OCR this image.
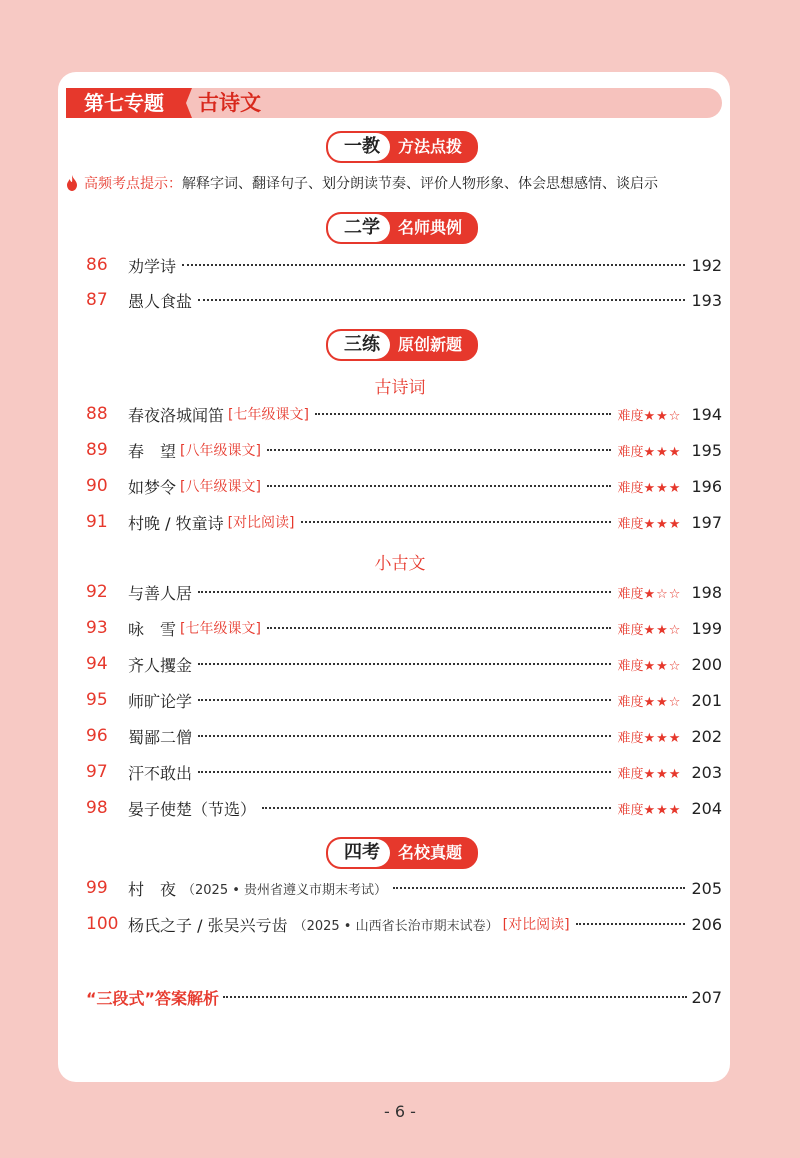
第七专题	古诗文
一教	方法点拨
高频考点提示：解释字词、翻译句子、划分朗读节奏、评价人物形象、体会思想感情、谈启示
二学	名师典例
三练	原创新题
古诗词
小古文
四考	名校真题
86	劝学诗	192
87	愚人食盐	193
88	春夜洛城闻笛 [七年级课文]	难度★★☆ 194
89	春　望 [八年级课文]	难度★★★ 195
90	如梦令 [八年级课文]	难度★★★ 196
91	村晚 / 牧童诗 [对比阅读]	难度★★★ 197
92	与善人居	难度★☆☆ 198
93	咏　雪 [七年级课文]	难度★★☆ 199
94	齐人攫金	难度★★☆ 200
95	师旷论学	难度★★☆ 201
96	蜀鄙二僧	难度★★★ 202
97	汗不敢出	难度★★★ 203
98	晏子使楚（节选）	难度★★★ 204
99	村　夜 （2025 • 贵州省遵义市期末考试）	205
100 杨氏之子 / 张吴兴亏齿 （2025 • 山西省长治市期末试卷） [对比阅读]	206
“三段式”答案解析	207
- 6 -
